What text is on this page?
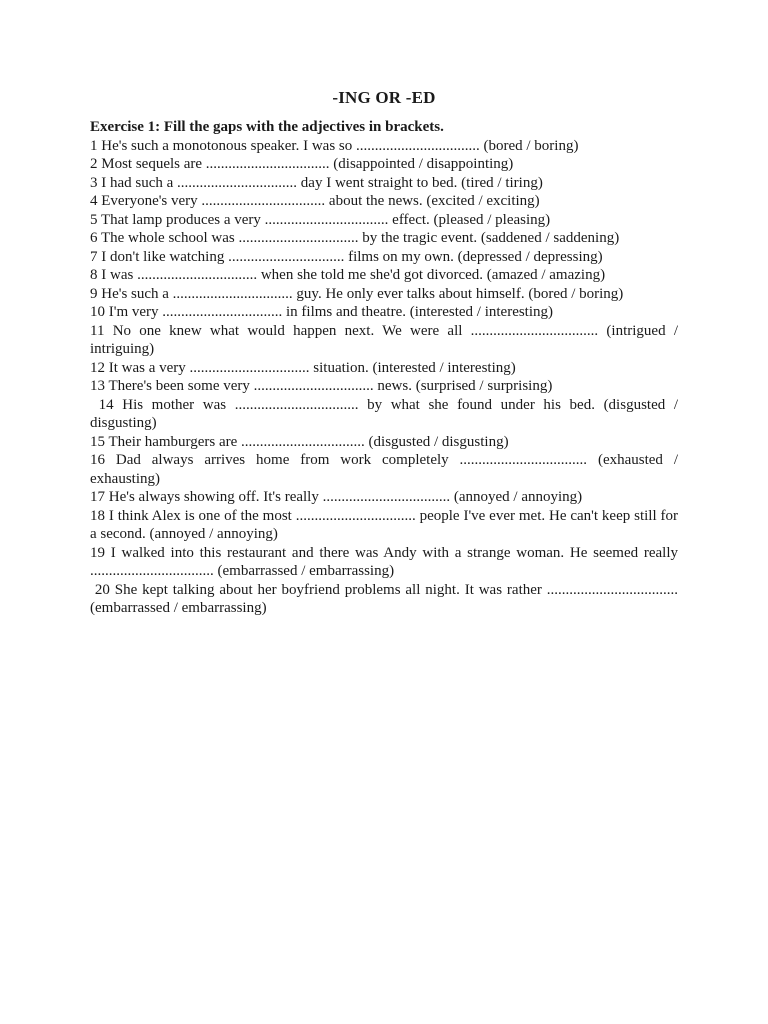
-ING OR -ED

Exercise 1: Fill the gaps with the adjectives in brackets.

1 He's such a monotonous speaker. I was so ................................. (bored / boring)

2 Most sequels are ................................. (disappointed / disappointing)

3 I had such a ................................ day I went straight to bed. (tired / tiring)

4 Everyone's very ................................. about the news. (excited / exciting)

5 That lamp produces a very ................................. effect. (pleased / pleasing)

6 The whole school was ................................ by the tragic event. (saddened / saddening)

7 I don't like watching ............................... films on my own. (depressed / depressing)

8 I was ................................ when she told me she'd got divorced. (amazed / amazing)

9 He's such a ................................ guy. He only ever talks about himself. (bored / boring)

10 I'm very ................................ in films and theatre. (interested / interesting)

11 No one knew what would happen next. We were all .................................. (intrigued / intriguing)

12 It was a very ................................ situation. (interested / interesting)

13 There's been some very ................................ news. (surprised / surprising)

14 His mother was ................................. by what she found under his bed. (disgusted / disgusting)

15 Their hamburgers are ................................. (disgusted / disgusting)

16 Dad always arrives home from work completely .................................. (exhausted / exhausting)

17 He's always showing off. It's really .................................. (annoyed / annoying)

18 I think Alex is one of the most ................................ people I've ever met. He can't keep still for a second. (annoyed / annoying)

19 I walked into this restaurant and there was Andy with a strange woman. He seemed really ................................. (embarrassed / embarrassing)

20 She kept talking about her boyfriend problems all night. It was rather ................................... (embarrassed / embarrassing)
